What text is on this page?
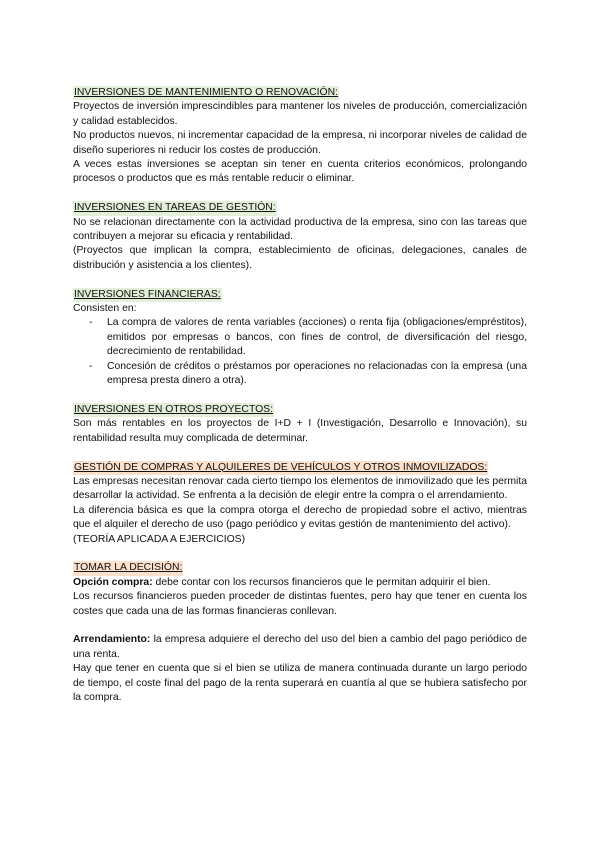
INVERSIONES DE MANTENIMIENTO O RENOVACIÓN:

Proyectos de inversión imprescindibles para mantener los niveles de producción, comercialización y calidad establecidos.

No productos nuevos, ni incrementar capacidad de la empresa, ni incorporar niveles de calidad de diseño superiores ni reducir los costes de producción.

A veces estas inversiones se aceptan sin tener en cuenta criterios económicos, prolongando procesos o productos que es más rentable reducir o eliminar.

INVERSIONES EN TAREAS DE GESTIÓN:

No se relacionan directamente con la actividad productiva de la empresa, sino con las tareas que contribuyen a mejorar su eficacia y rentabilidad.

(Proyectos que implican la compra, establecimiento de oficinas, delegaciones, canales de distribución y asistencia a los clientes).

INVERSIONES FINANCIERAS:

Consisten en:

- La compra de valores de renta variables (acciones) o renta fija (obligaciones/empréstitos), emitidos por empresas o bancos, con fines de control, de diversificación del riesgo, decrecimiento de rentabilidad.
- Concesión de créditos o préstamos por operaciones no relacionadas con la empresa (una empresa presta dinero a otra).
INVERSIONES EN OTROS PROYECTOS:

Son más rentables en los proyectos de I+D + I (Investigación, Desarrollo e Innovación), su rentabilidad resulta muy complicada de determinar.

GESTIÓN DE COMPRAS Y ALQUILERES DE VEHÍCULOS Y OTROS INMOVILIZADOS:

Las empresas necesitan renovar cada cierto tiempo los elementos de inmovilizado que les permita desarrollar la actividad. Se enfrenta a la decisión de elegir entre la compra o el arrendamiento.

La diferencia básica es que la compra otorga el derecho de propiedad sobre el activo, mientras que el alquiler el derecho de uso (pago periódico y evitas gestión de mantenimiento del activo).

(TEORÍA APLICADA A EJERCICIOS)

TOMAR LA DECISIÓN:

Opción compra: debe contar con los recursos financieros que le permitan adquirir el bien.

Los recursos financieros pueden proceder de distintas fuentes, pero hay que tener en cuenta los costes que cada una de las formas financieras conllevan.

Arrendamiento: la empresa adquiere el derecho del uso del bien a cambio del pago periódico de una renta.

Hay que tener en cuenta que si el bien se utiliza de manera continuada durante un largo periodo de tiempo, el coste final del pago de la renta superará en cuantía al que se hubiera satisfecho por la compra.
